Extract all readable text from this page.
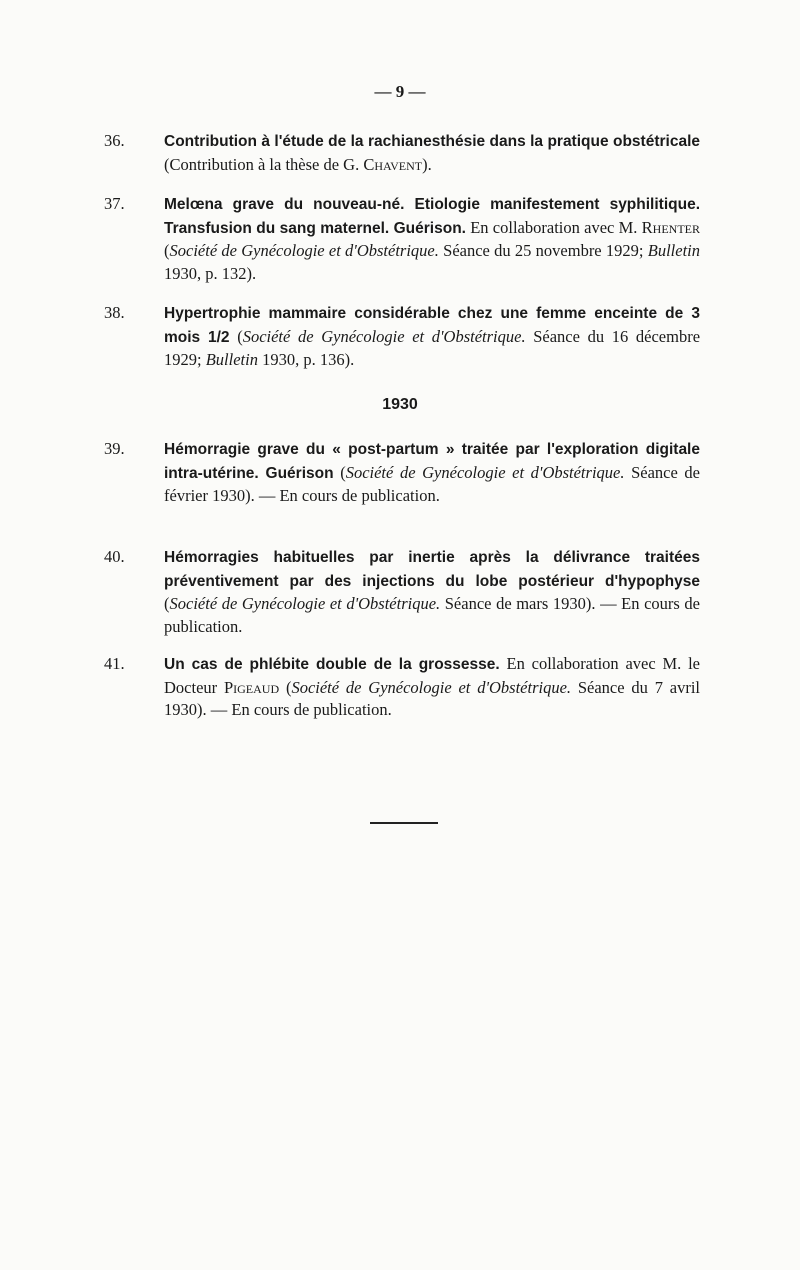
— 9 —
36.	Contribution à l'étude de la rachianesthésie dans la pratique obstétricale (Contribution à la thèse de G. Chavent).
37.	Melœna grave du nouveau-né. Etiologie manifestement syphilitique. Transfusion du sang maternel. Guérison. En collaboration avec M. Rhenter (Société de Gynécologie et d'Obstétrique. Séance du 25 novembre 1929; Bulletin 1930, p. 132).
38.	Hypertrophie mammaire considérable chez une femme enceinte de 3 mois 1/2 (Société de Gynécologie et d'Obstétrique. Séance du 16 décembre 1929; Bulletin 1930, p. 136).
1930
39.	Hémorragie grave du « post-partum » traitée par l'exploration digitale intra-utérine. Guérison (Société de Gynécologie et d'Obstétrique. Séance de février 1930). — En cours de publication.
40.	Hémorragies habituelles par inertie après la délivrance traitées préventivement par des injections du lobe postérieur d'hypophyse (Société de Gynécologie et d'Obstétrique. Séance de mars 1930). — En cours de publication.
41.	Un cas de phlébite double de la grossesse. En collaboration avec M. le Docteur Pigeaud (Société de Gynécologie et d'Obstétrique. Séance du 7 avril 1930). — En cours de publication.
